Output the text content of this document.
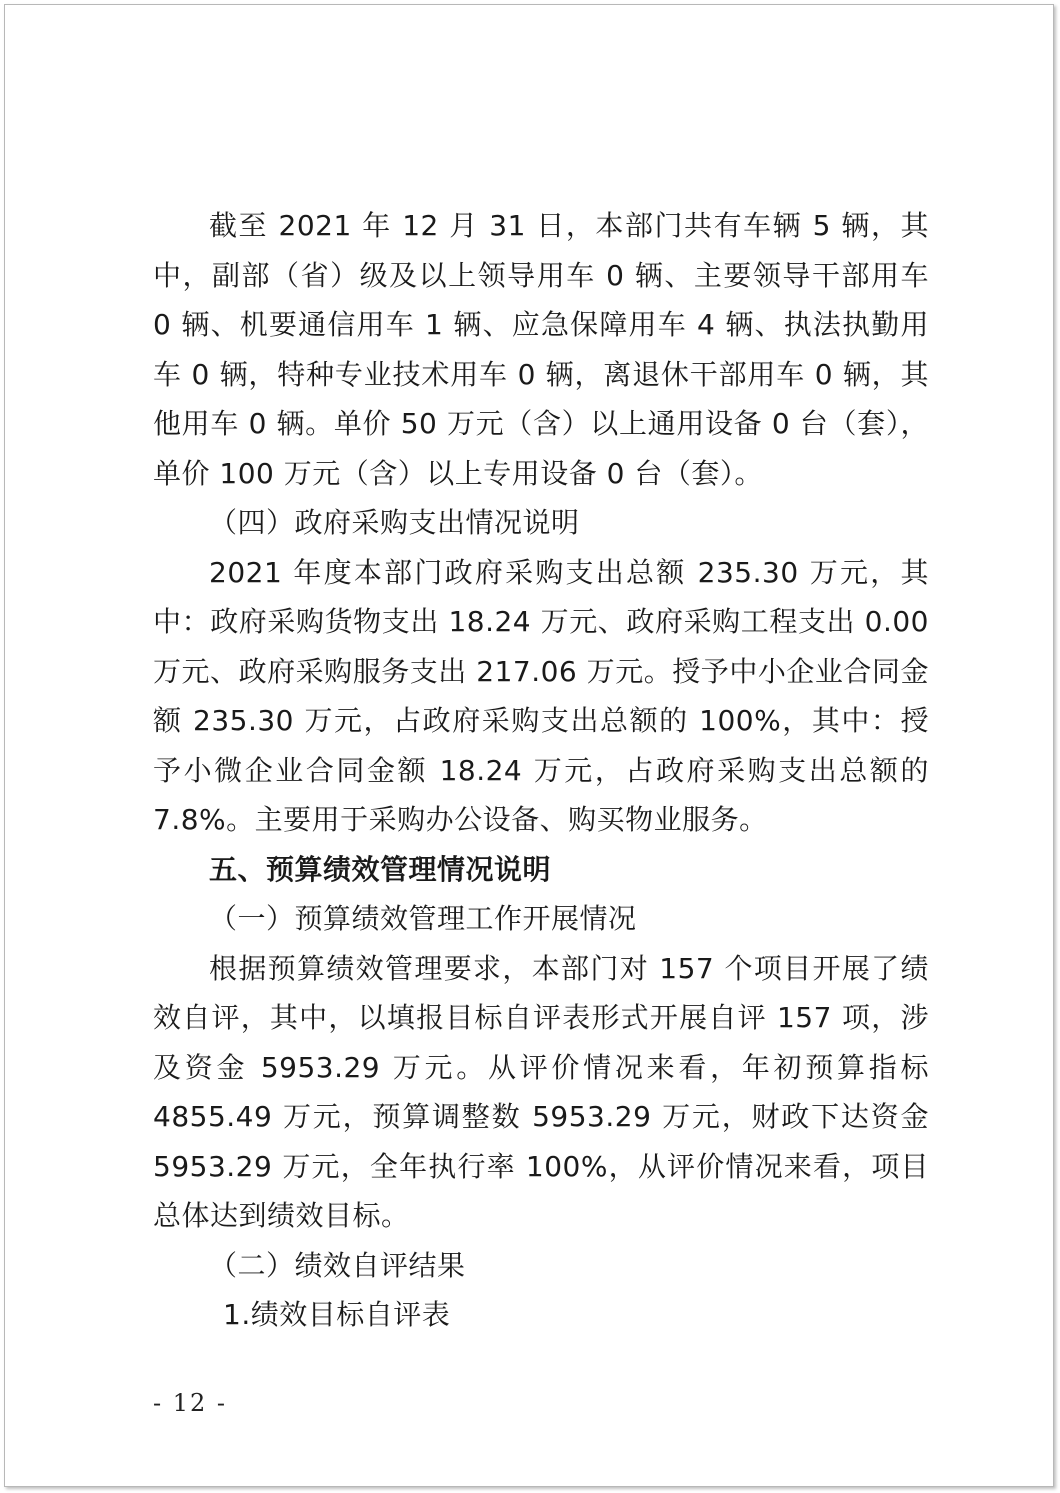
截至 2021 年 12 月 31 日，本部门共有车辆 5 辆，其中，副部（省）级及以上领导用车 0 辆、主要领导干部用车 0 辆、机要通信用车 1 辆、应急保障用车 4 辆、执法执勤用车 0 辆，特种专业技术用车 0 辆，离退休干部用车 0 辆，其他用车 0 辆。单价 50 万元（含）以上通用设备 0 台（套），单价 100 万元（含）以上专用设备 0 台（套）。

（四）政府采购支出情况说明

2021 年度本部门政府采购支出总额 235.30 万元，其中：政府采购货物支出 18.24 万元、政府采购工程支出 0.00 万元、政府采购服务支出 217.06 万元。授予中小企业合同金额 235.30 万元，占政府采购支出总额的 100%，其中：授予小微企业合同金额 18.24 万元，占政府采购支出总额的 7.8%。主要用于采购办公设备、购买物业服务。

五、预算绩效管理情况说明

（一）预算绩效管理工作开展情况

根据预算绩效管理要求，本部门对 157 个项目开展了绩效自评，其中，以填报目标自评表形式开展自评 157 项，涉及资金 5953.29 万元。从评价情况来看，年初预算指标 4855.49 万元，预算调整数 5953.29 万元，财政下达资金 5953.29 万元，全年执行率 100%，从评价情况来看，项目总体达到绩效目标。

（二）绩效自评结果

1.绩效目标自评表

- 12 -
